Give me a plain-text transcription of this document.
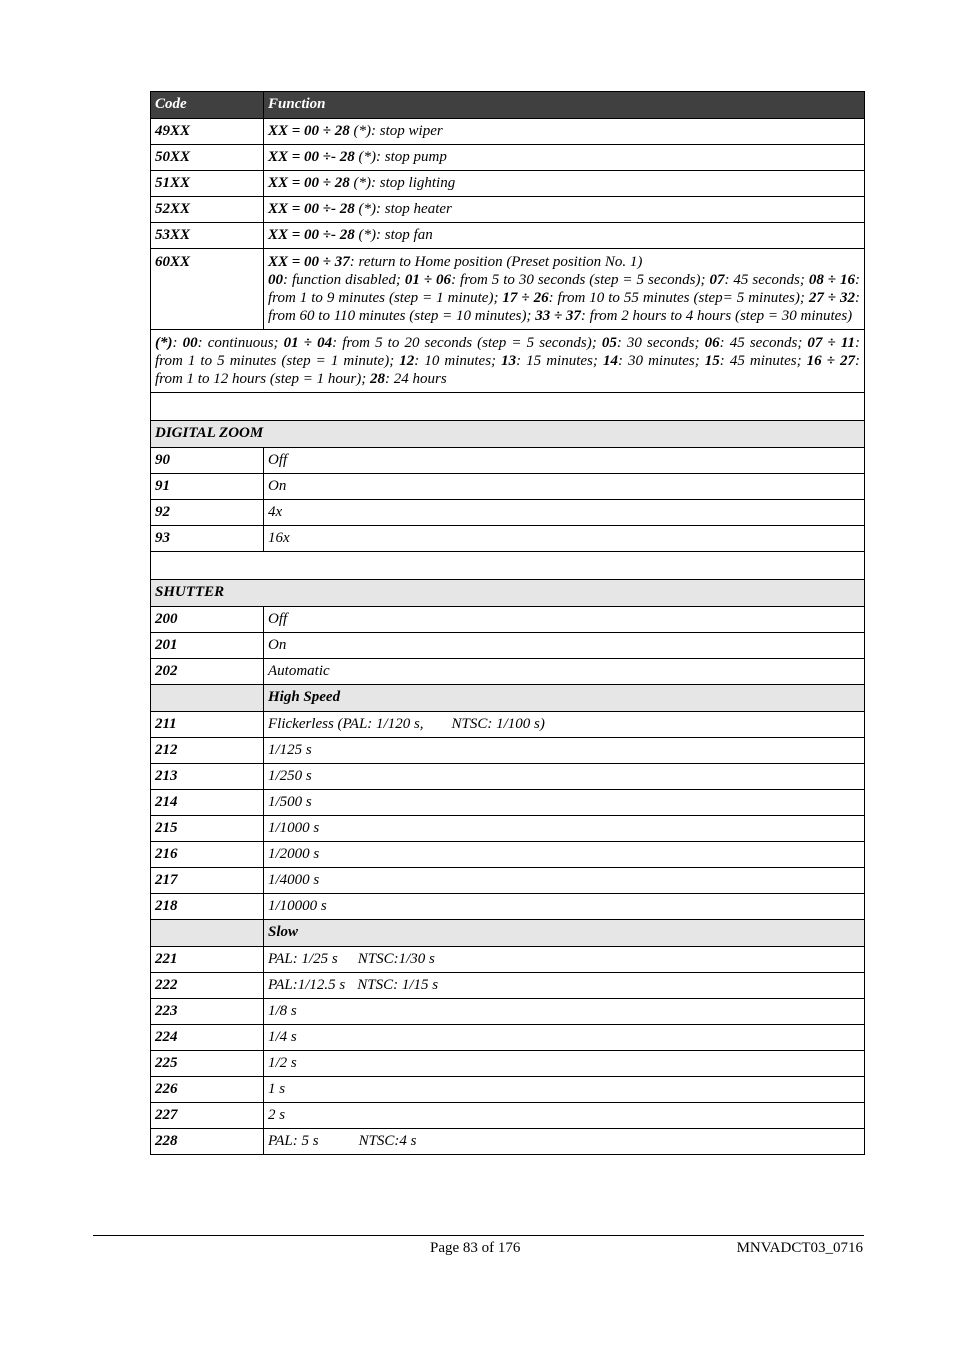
Code	Function
49XX	XX = 00 ÷ 28 (*): stop wiper
50XX	XX = 00 ÷- 28 (*): stop pump
51XX	XX = 00 ÷ 28 (*): stop lighting
52XX	XX = 00 ÷- 28 (*): stop heater
53XX	XX = 00 ÷- 28 (*): stop fan
60XX	XX = 00 ÷ 37: return to Home position (Preset position No. 1)
00: function disabled; 01 ÷ 06: from 5 to 30 seconds (step = 5 seconds); 07: 45 seconds; 08 ÷ 16: from 1 to 9 minutes (step = 1 minute); 17 ÷ 26: from 10 to 55 minutes (step= 5 minutes); 27 ÷ 32: from 60 to 110 minutes (step = 10 minutes); 33 ÷ 37: from 2 hours to 4 hours (step = 30 minutes)
(*): 00: continuous; 01 ÷ 04: from 5 to 20 seconds (step = 5 seconds); 05: 30 seconds; 06: 45 seconds; 07 ÷ 11: from 1 to 5 minutes (step = 1 minute); 12: 10 minutes; 13: 15 minutes; 14: 30 minutes; 15: 45 minutes; 16 ÷ 27: from 1 to 12 hours (step = 1 hour); 28: 24 hours	

DIGITAL ZOOM	
90	Off
91	On
92	4x
93	16x

SHUTTER	
200	Off
201	On
202	Automatic
	High Speed
211	Flickerless (PAL: 1/120 s, NTSC: 1/100 s)
212	1/125 s
213	1/250 s
214	1/500 s
215	1/1000 s
216	1/2000 s
217	1/4000 s
218	1/10000 s
	Slow
221	PAL: 1/25 s NTSC:1/30 s
222	PAL:1/12.5 s NTSC: 1/15 s
223	1/8 s
224	1/4 s
225	1/2 s
226	1 s
227	2 s
228	PAL: 5 s NTSC:4 s
Page 83 of 176	MNVADCT03_0716
